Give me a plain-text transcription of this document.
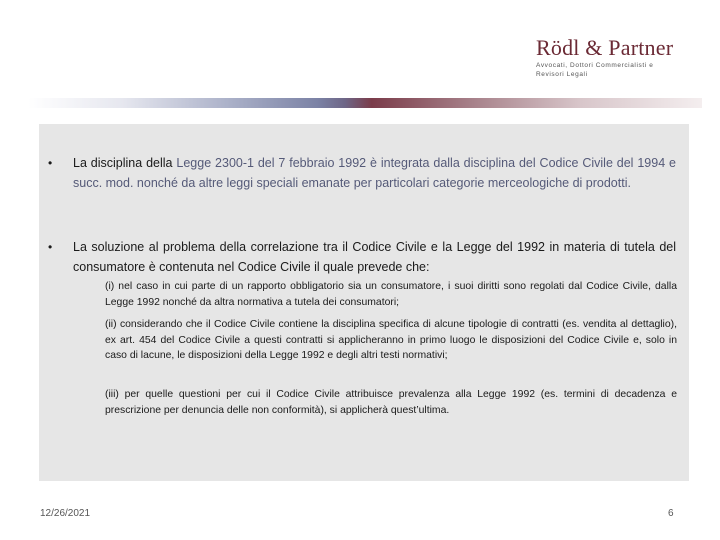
Rödl & Partner
Avvocati, Dottori Commercialisti e
Revisori Legali
• La disciplina della Legge 2300-1 del 7 febbraio 1992 è integrata dalla disciplina del Codice Civile del 1994 e succ. mod. nonché da altre leggi speciali emanate per particolari categorie merceologiche di prodotti.
• La soluzione al problema della correlazione tra il Codice Civile e la Legge del 1992 in materia di tutela del consumatore è contenuta nel Codice Civile il quale prevede che:
(i) nel caso in cui parte di un rapporto obbligatorio sia un consumatore, i suoi diritti sono regolati dal Codice Civile, dalla Legge 1992 nonché da altra normativa a tutela dei consumatori;
(ii) considerando che il Codice Civile contiene la disciplina specifica di alcune tipologie di contratti (es. vendita al dettaglio), ex art. 454 del Codice Civile a questi contratti si applicheranno in primo luogo le disposizioni del Codice Civile e, solo in caso di lacune, le disposizioni della Legge 1992 e degli altri testi normativi;
(iii) per quelle questioni per cui il Codice Civile attribuisce prevalenza alla Legge 1992 (es. termini di decadenza e prescrizione per denuncia delle non conformità), si applicherà quest’ultima.
12/26/2021	6
